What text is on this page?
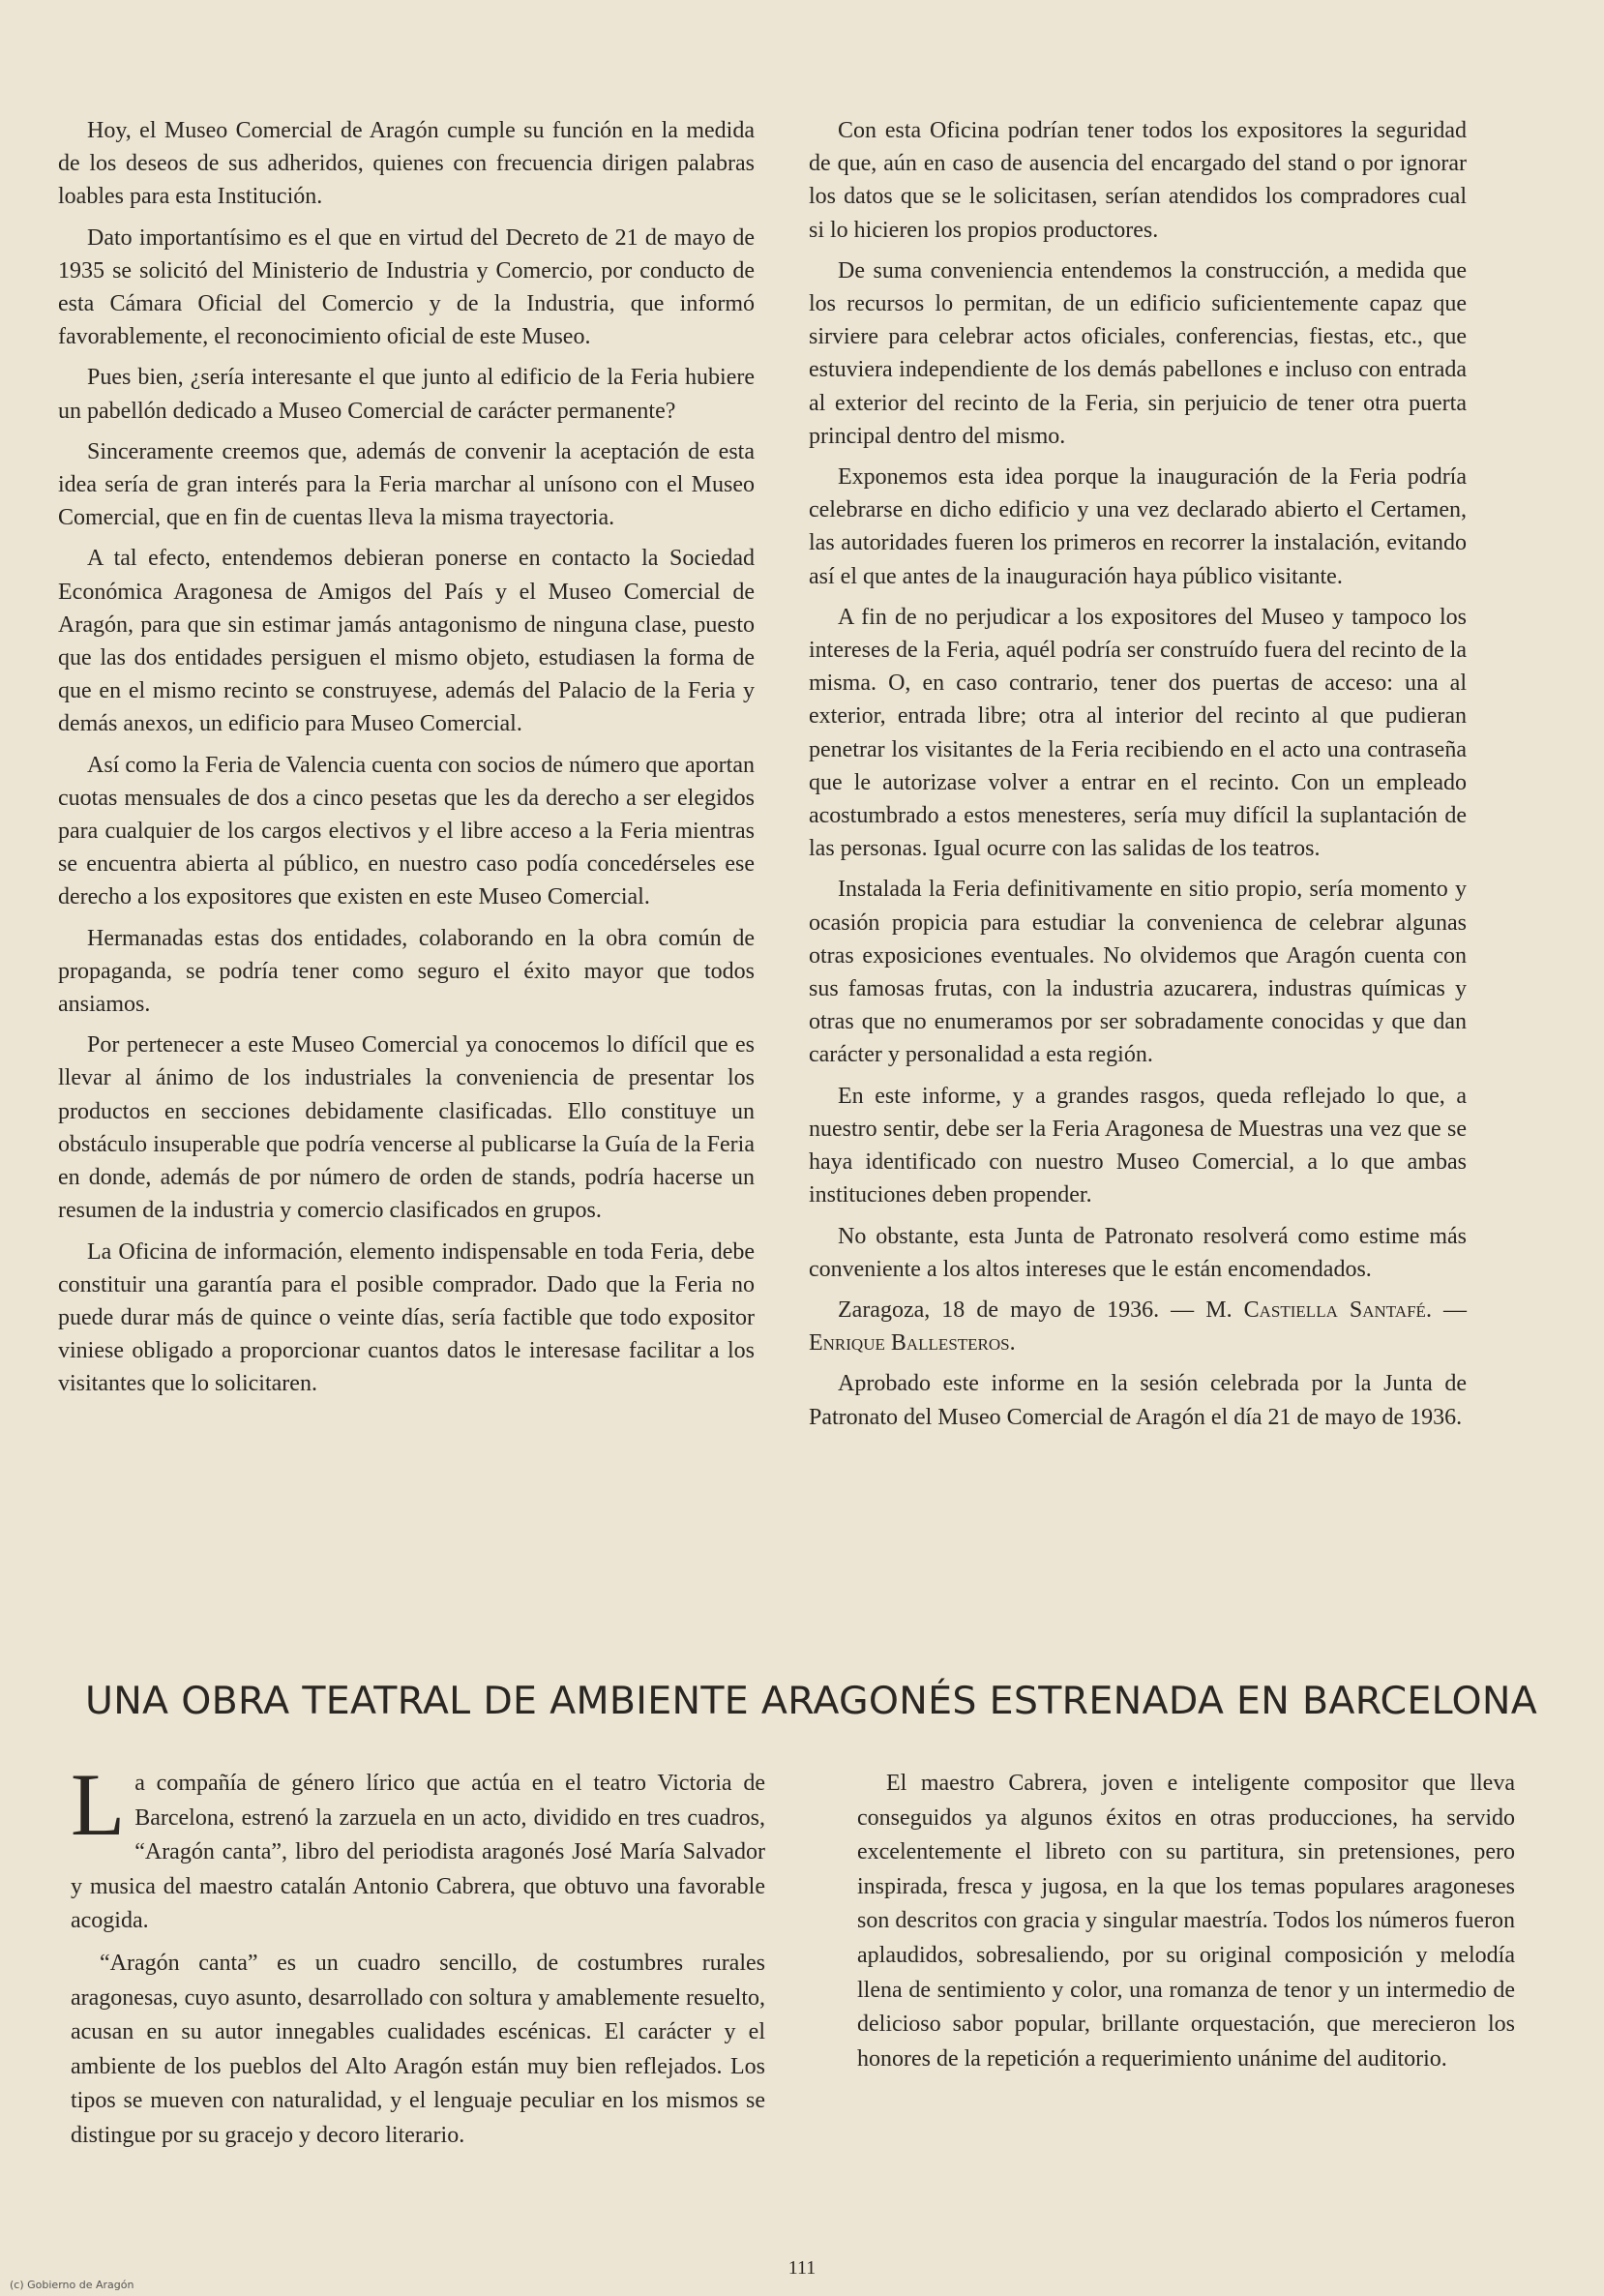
Hoy, el Museo Comercial de Aragón cumple su función en la medida de los deseos de sus adheridos, quienes con frecuencia dirigen palabras loables para esta Institución.

Dato importantísimo es el que en virtud del Decreto de 21 de mayo de 1935 se solicitó del Ministerio de Industria y Comercio, por conducto de esta Cámara Oficial del Comercio y de la Industria, que informó favorablemente, el reconocimiento oficial de este Museo.

Pues bien, ¿sería interesante el que junto al edificio de la Feria hubiere un pabellón dedicado a Museo Comercial de carácter permanente?

Sinceramente creemos que, además de convenir la aceptación de esta idea sería de gran interés para la Feria marchar al unísono con el Museo Comercial, que en fin de cuentas lleva la misma trayectoria.

A tal efecto, entendemos debieran ponerse en contacto la Sociedad Económica Aragonesa de Amigos del País y el Museo Comercial de Aragón, para que sin estimar jamás antagonismo de ninguna clase, puesto que las dos entidades persiguen el mismo objeto, estudiasen la forma de que en el mismo recinto se construyese, además del Palacio de la Feria y demás anexos, un edificio para Museo Comercial.

Así como la Feria de Valencia cuenta con socios de número que aportan cuotas mensuales de dos a cinco pesetas que les da derecho a ser elegidos para cualquier de los cargos electivos y el libre acceso a la Feria mientras se encuentra abierta al público, en nuestro caso podía concedérseles ese derecho a los expositores que existen en este Museo Comercial.

Hermanadas estas dos entidades, colaborando en la obra común de propaganda, se podría tener como seguro el éxito mayor que todos ansiamos.

Por pertenecer a este Museo Comercial ya conocemos lo difícil que es llevar al ánimo de los industriales la conveniencia de presentar los productos en secciones debidamente clasificadas. Ello constituye un obstáculo insuperable que podría vencerse al publicarse la Guía de la Feria en donde, además de por número de orden de stands, podría hacerse un resumen de la industria y comercio clasificados en grupos.

La Oficina de información, elemento indispensable en toda Feria, debe constituir una garantía para el posible comprador. Dado que la Feria no puede durar más de quince o veinte días, sería factible que todo expositor viniese obligado a proporcionar cuantos datos le interesase facilitar a los visitantes que lo solicitaren.

Con esta Oficina podrían tener todos los expositores la seguridad de que, aún en caso de ausencia del encargado del stand o por ignorar los datos que se le solicitasen, serían atendidos los compradores cual si lo hicieren los propios productores.

De suma conveniencia entendemos la construcción, a medida que los recursos lo permitan, de un edificio suficientemente capaz que sirviere para celebrar actos oficiales, conferencias, fiestas, etc., que estuviera independiente de los demás pabellones e incluso con entrada al exterior del recinto de la Feria, sin perjuicio de tener otra puerta principal dentro del mismo.

Exponemos esta idea porque la inauguración de la Feria podría celebrarse en dicho edificio y una vez declarado abierto el Certamen, las autoridades fueren los primeros en recorrer la instalación, evitando así el que antes de la inauguración haya público visitante.

A fin de no perjudicar a los expositores del Museo y tampoco los intereses de la Feria, aquél podría ser construído fuera del recinto de la misma. O, en caso contrario, tener dos puertas de acceso: una al exterior, entrada libre; otra al interior del recinto al que pudieran penetrar los visitantes de la Feria recibiendo en el acto una contraseña que le autorizase volver a entrar en el recinto. Con un empleado acostumbrado a estos menesteres, sería muy difícil la suplantación de las personas. Igual ocurre con las salidas de los teatros.

Instalada la Feria definitivamente en sitio propio, sería momento y ocasión propicia para estudiar la convenienca de celebrar algunas otras exposiciones eventuales. No olvidemos que Aragón cuenta con sus famosas frutas, con la industria azucarera, industras químicas y otras que no enumeramos por ser sobradamente conocidas y que dan carácter y personalidad a esta región.

En este informe, y a grandes rasgos, queda reflejado lo que, a nuestro sentir, debe ser la Feria Aragonesa de Muestras una vez que se haya identificado con nuestro Museo Comercial, a lo que ambas instituciones deben propender.

No obstante, esta Junta de Patronato resolverá como estime más conveniente a los altos intereses que le están encomendados.

Zaragoza, 18 de mayo de 1936. — M. Castiella Santafé. — Enrique Ballesteros.

Aprobado este informe en la sesión celebrada por la Junta de Patronato del Museo Comercial de Aragón el día 21 de mayo de 1936.

UNA OBRA TEATRAL DE AMBIENTE ARAGONÉS ESTRENADA EN BARCELONA

La compañía de género lírico que actúa en el teatro Victoria de Barcelona, estrenó la zarzuela en un acto, dividido en tres cuadros, “Aragón canta”, libro del periodista aragonés José María Salvador y musica del maestro catalán Antonio Cabrera, que obtuvo una favorable acogida.

“Aragón canta” es un cuadro sencillo, de costumbres rurales aragonesas, cuyo asunto, desarrollado con soltura y amablemente resuelto, acusan en su autor innegables cualidades escénicas. El carácter y el ambiente de los pueblos del Alto Aragón están muy bien reflejados. Los tipos se mueven con naturalidad, y el lenguaje peculiar en los mismos se distingue por su gracejo y decoro literario.

El maestro Cabrera, joven e inteligente compositor que lleva conseguidos ya algunos éxitos en otras producciones, ha servido excelentemente el libreto con su partitura, sin pretensiones, pero inspirada, fresca y jugosa, en la que los temas populares aragoneses son descritos con gracia y singular maestría. Todos los números fueron aplaudidos, sobresaliendo, por su original composición y melodía llena de sentimiento y color, una romanza de tenor y un intermedio de delicioso sabor popular, brillante orquestación, que merecieron los honores de la repetición a requerimiento unánime del auditorio.

111
(c) Gobierno de Aragón
